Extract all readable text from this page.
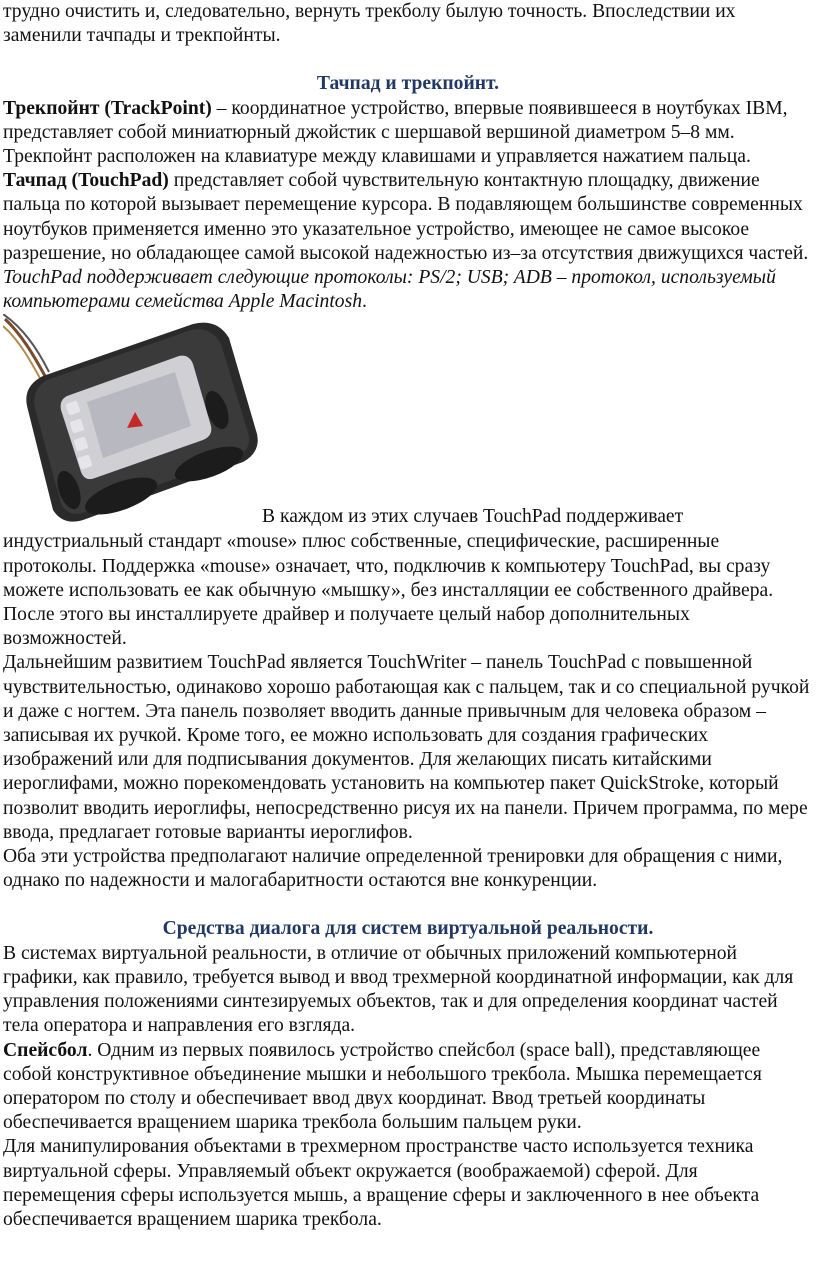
трудно очистить и, следовательно, вернуть трекболу былую точность. Впоследствии их
заменили тачпады и трекпойнты.

Тачпад и трекпойнт.

Трекпойнт (TrackPoint) – координатное устройство, впервые появившееся в ноутбуках IBM, представляет собой миниатюрный джойстик с шершавой вершиной диаметром 5–8 мм. Трекпойнт расположен на клавиатуре между клавишами и управляется нажатием пальца.

Тачпад (TouchPad) представляет собой чувствительную контактную площадку, движение пальца по которой вызывает перемещение курсора. В подавляющем большинстве современных ноутбуков применяется именно это указательное устройство, имеющее не самое высокое разрешение, но обладающее самой высокой надежностью из–за отсутствия движущихся частей.

TouchPad поддерживает следующие протоколы: PS/2; USB; ADB – протокол, используемый компьютерами семейства Apple Macintosh.

В каждом из этих случаев TouchPad поддерживает

индустриальный стандарт «mouse» плюс собственные, специфические, расширенные протоколы. Поддержка «mouse» означает, что, подключив к компьютеру TouchPad, вы сразу можете использовать ее как обычную «мышку», без инсталляции ее собственного драйвера. После этого вы инсталлируете драйвер и получаете целый набор дополнительных возможностей.

Дальнейшим развитием TouchPad является TouchWriter – панель TouchPad с повышенной чувствительностью, одинаково хорошо работающая как с пальцем, так и со специальной ручкой и даже с ногтем. Эта панель позволяет вводить данные привычным для человека образом – записывая их ручкой. Кроме того, ее можно использовать для создания графических изображений или для подписывания документов. Для желающих писать китайскими иероглифами, можно порекомендовать установить на компьютер пакет QuickStroke, который позволит вводить иероглифы, непосредственно рисуя их на панели. Причем программа, по мере ввода, предлагает готовые варианты иероглифов.

Оба эти устройства предполагают наличие определенной тренировки для обращения с ними, однако по надежности и малогабаритности остаются вне конкуренции.

Средства диалога для систем виртуальной реальности.

В системах виртуальной реальности, в отличие от обычных приложений компьютерной графики, как правило, требуется вывод и ввод трехмерной координатной информации, как для управления положениями синтезируемых объектов, так и для определения координат частей тела оператора и направления его взгляда.

Спейсбол. Одним из первых появилось устройство спейсбол (space ball), представляющее собой конструктивное объединение мышки и небольшого трекбола. Мышка перемещается оператором по столу и обеспечивает ввод двух координат. Ввод третьей координаты обеспечивается вращением шарика трекбола большим пальцем руки.

Для манипулирования объектами в трехмерном пространстве часто используется техника виртуальной сферы. Управляемый объект окружается (воображаемой) сферой. Для перемещения сферы используется мышь, а вращение сферы и заключенного в нее объекта обеспечивается вращением шарика трекбола.
